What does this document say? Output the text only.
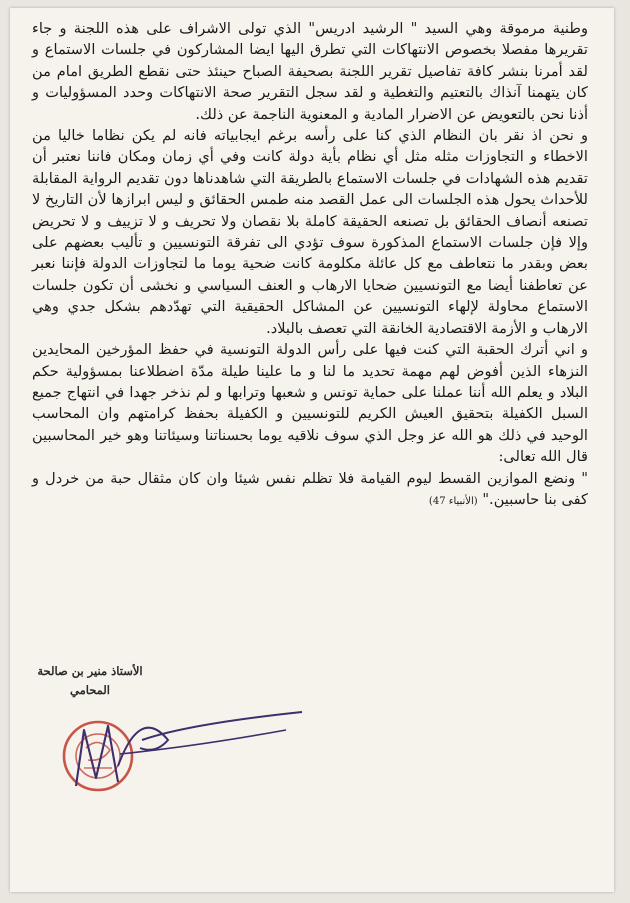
وطنية مرموقة وهي السيد " الرشيد ادريس" الذي تولى الاشراف على هذه اللجنة و جاء تقريرها مفصلا بخصوص الانتهاكات التي تطرق اليها ايضا المشاركون في جلسات الاستماع و لقد أمرنا بنشر كافة تفاصيل تقرير اللجنة بصحيفة الصباح حينئذ حتى نقطع الطريق امام من كان يتهمنا آنذاك بالتعتيم والتغطية و لقد سجل التقرير صحة الانتهاكات وحدد المسؤوليات و أذنا نحن بالتعويض عن الاضرار المادية و المعنوية الناجمة عن ذلك.

و نحن اذ نقر بان النظام الذي كنا على رأسه برغم ايجابياته فانه لم يكن نظاما خاليا من الاخطاء و التجاوزات مثله مثل أي نظام بأية دولة كانت وفي أي زمان ومكان فاننا نعتبر أن تقديم هذه الشهادات في جلسات الاستماع بالطريقة التي شاهدناها دون تقديم الرواية المقابلة للأحداث يحول هذه الجلسات الى عمل القصد منه طمس الحقائق و ليس ابرازها لأن التاريخ لا تصنعه أنصاف الحقائق بل تصنعه الحقيقة كاملة بلا نقصان ولا تحريف و لا تزييف و لا تحريض وإلا فإن جلسات الاستماع المذكورة سوف تؤدي الى تفرقة التونسيين و تأليب بعضهم على بعض وبقدر ما نتعاطف مع كل عائلة مكلومة كانت ضحية يوما ما لتجاوزات الدولة فإننا نعبر عن تعاطفنا أيضا مع التونسيين ضحايا الارهاب و العنف السياسي و نخشى أن تكون جلسات الاستماع محاولة لإلهاء التونسيين عن المشاكل الحقيقية التي تهدّدهم بشكل جدي وهي الارهاب و الأزمة الاقتصادية الخانقة التي تعصف بالبلاد.

و اني أترك الحقبة التي كنت فيها على رأس الدولة التونسية في حفظ المؤرخين المحايدين النزهاء الذين أفوض لهم مهمة تحديد ما لنا و ما علينا طيلة مدّة اضطلاعنا بمسؤولية حكم البلاد و يعلم الله أننا عملنا على حماية تونس و شعبها وترابها و لم نذخر جهدا في انتهاج جميع السبل الكفيلة بتحقيق العيش الكريم للتونسيين و الكفيلة بحفظ كرامتهم وان المحاسب الوحيد في ذلك هو الله عز وجل الذي سوف نلاقيه يوما بحسناتنا وسيئاتنا وهو خير المحاسبين قال الله تعالى:

" ونضع الموازين القسط ليوم القيامة فلا تظلم نفس شيئا وان كان مثقال حبة من خردل و كفى بنا حاسبين." (الأنبياء 47)

الأستاذ منير بن صالحة
المحامي
